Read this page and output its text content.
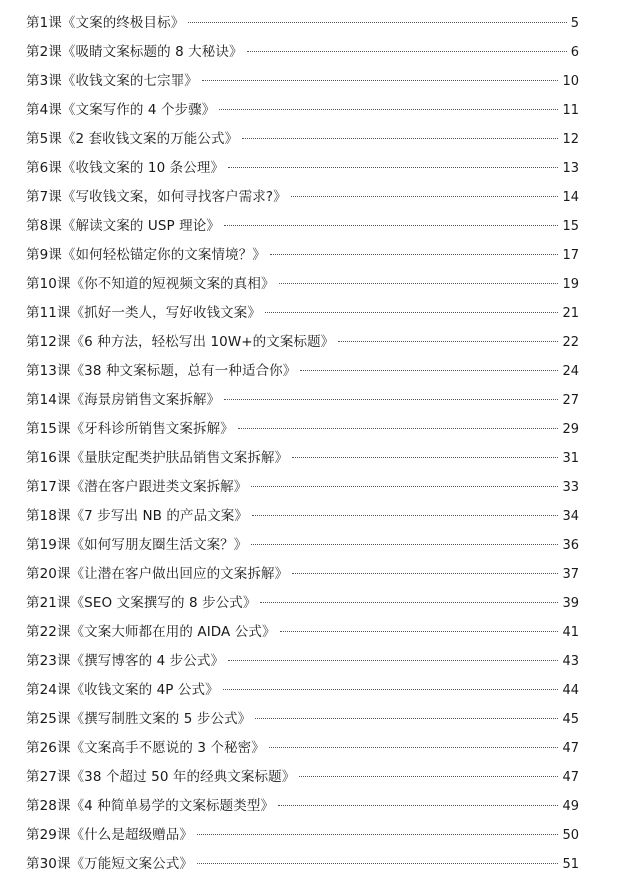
第1课《文案的终极目标》	5
第2课《吸睛文案标题的 8 大秘诀》	6
第3课《收钱文案的七宗罪》	10
第4课《文案写作的 4 个步骤》	11
第5课《2 套收钱文案的万能公式》	12
第6课《收钱文案的 10 条公理》	13
第7课《写收钱文案，如何寻找客户需求?》	14
第8课《解读文案的 USP 理论》	15
第9课《如何轻松锚定你的文案情境？》	17
第10课《你不知道的短视频文案的真相》	19
第11课《抓好一类人，写好收钱文案》	21
第12课《6 种方法，轻松写出 10W+的文案标题》	22
第13课《38 种文案标题，总有一种适合你》	24
第14课《海景房销售文案拆解》	27
第15课《牙科诊所销售文案拆解》	29
第16课《量肤定配类护肤品销售文案拆解》	31
第17课《潜在客户跟进类文案拆解》	33
第18课《7 步写出 NB 的产品文案》	34
第19课《如何写朋友圈生活文案？》	36
第20课《让潜在客户做出回应的文案拆解》	37
第21课《SEO 文案撰写的 8 步公式》	39
第22课《文案大师都在用的 AIDA 公式》	41
第23课《撰写博客的 4 步公式》	43
第24课《收钱文案的 4P 公式》	44
第25课《撰写制胜文案的 5 步公式》	45
第26课《文案高手不愿说的 3 个秘密》	47
第27课《38 个超过 50 年的经典文案标题》	47
第28课《4 种简单易学的文案标题类型》	49
第29课《什么是超级赠品》	50
第30课《万能短文案公式》	51
